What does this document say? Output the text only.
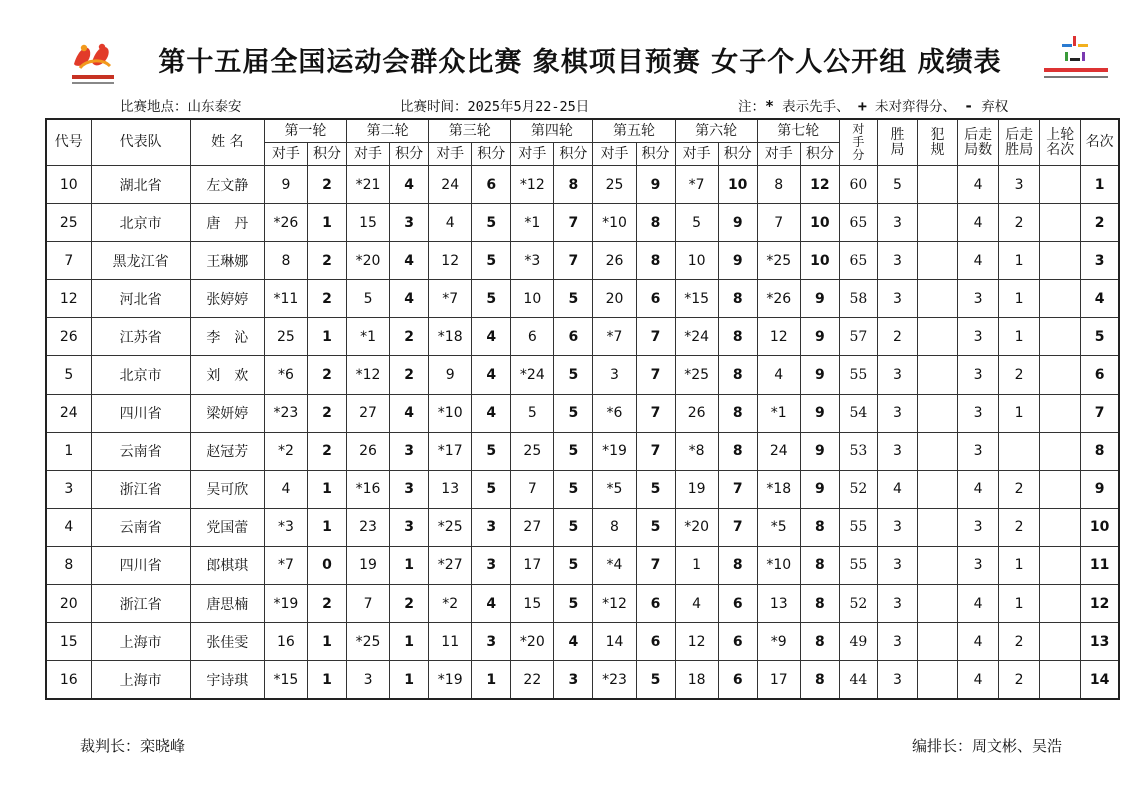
第十五届全国运动会群众比赛 象棋项目预赛 女子个人公开组 成绩表
比赛地点：山东泰安	比赛时间：2025年5月22-25日	注：* 表示先手、 + 未对弈得分、 - 弃权
代号	代表队	姓 名	第一轮		第二轮		第三轮		第四轮		第五轮		第六轮		第七轮		对手分	胜局	犯规	后走局数	后走胜局	上轮名次	名次
			对手	积分	对手	积分	对手	积分	对手	积分	对手	积分	对手	积分	对手	积分							
10	湖北省	左文静	9	2	*21	4	24	6	*12	8	25	9	*7	10	8	12	60	5		4	3		1
25	北京市	唐　丹	*26	1	15	3	4	5	*1	7	*10	8	5	9	7	10	65	3		4	2		2
7	黑龙江省	王琳娜	8	2	*20	4	12	5	*3	7	26	8	10	9	*25	10	65	3		4	1		3
12	河北省	张婷婷	*11	2	5	4	*7	5	10	5	20	6	*15	8	*26	9	58	3		3	1		4
26	江苏省	李　沁	25	1	*1	2	*18	4	6	6	*7	7	*24	8	12	9	57	2		3	1		5
5	北京市	刘　欢	*6	2	*12	2	9	4	*24	5	3	7	*25	8	4	9	55	3		3	2		6
24	四川省	梁妍婷	*23	2	27	4	*10	4	5	5	*6	7	26	8	*1	9	54	3		3	1		7
1	云南省	赵冠芳	*2	2	26	3	*17	5	25	5	*19	7	*8	8	24	9	53	3		3			8
3	浙江省	吴可欣	4	1	*16	3	13	5	7	5	*5	5	19	7	*18	9	52	4		4	2		9
4	云南省	党国蕾	*3	1	23	3	*25	3	27	5	8	5	*20	7	*5	8	55	3		3	2		10
8	四川省	郎棋琪	*7	0	19	1	*27	3	17	5	*4	7	1	8	*10	8	55	3		3	1		11
20	浙江省	唐思楠	*19	2	7	2	*2	4	15	5	*12	6	4	6	13	8	52	3		4	1		12
15	上海市	张佳雯	16	1	*25	1	11	3	*20	4	14	6	12	6	*9	8	49	3		4	2		13
16	上海市	宇诗琪	*15	1	3	1	*19	1	22	3	*23	5	18	6	17	8	44	3		4	2		14
裁判长：栾晓峰	编排长：周文彬、吴浩
